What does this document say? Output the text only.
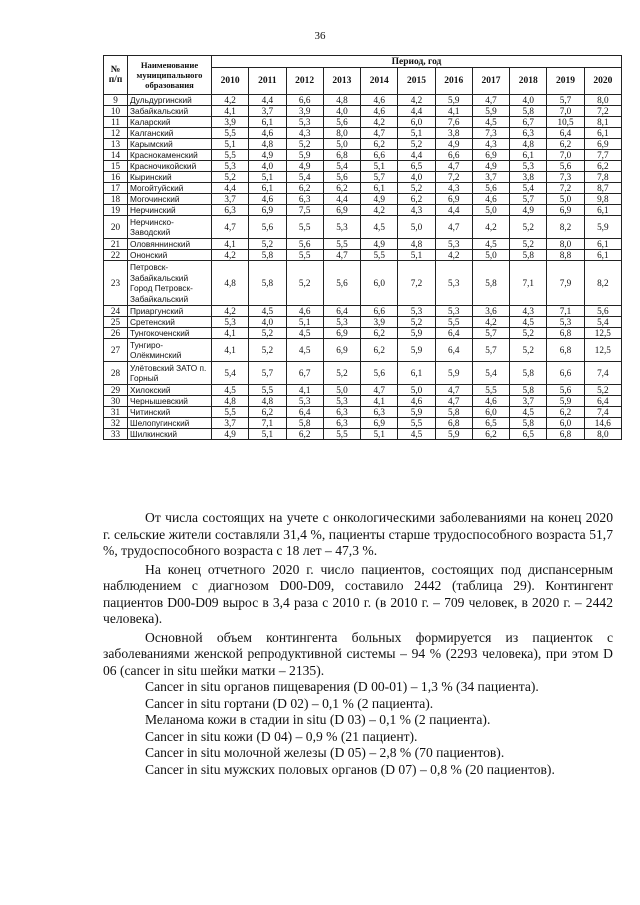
36
№ п/п	Наименование муниципального образования	Период, год										
		2010	2011	2012	2013	2014	2015	2016	2017	2018	2019	2020
9	Дульдургинский	4,2	4,4	6,6	4,8	4,6	4,2	5,9	4,7	4,0	5,7	8,0
10	Забайкальский	4,1	3,7	3,9	4,0	4,6	4,4	4,1	5,9	5,8	7,0	7,2
11	Каларский	3,9	6,1	5,3	5,6	4,2	6,0	7,6	4,5	6,7	10,5	8,1
12	Калганский	5,5	4,6	4,3	8,0	4,7	5,1	3,8	7,3	6,3	6,4	6,1
13	Карымский	5,1	4,8	5,2	5,0	6,2	5,2	4,9	4,3	4,8	6,2	6,9
14	Краснокаменский	5,5	4,9	5,9	6,8	6,6	4,4	6,6	6,9	6,1	7,0	7,7
15	Красночикойский	5,3	4,0	4,9	5,4	5,1	6,5	4,7	4,9	5,3	5,6	6,2
16	Кыринский	5,2	5,1	5,4	5,6	5,7	4,0	7,2	3,7	3,8	7,3	7,8
17	Могойтуйский	4,4	6,1	6,2	6,2	6,1	5,2	4,3	5,6	5,4	7,2	8,7
18	Могочинский	3,7	4,6	6,3	4,4	4,9	6,2	6,9	4,6	5,7	5,0	9,8
19	Нерчинский	6,3	6,9	7,5	6,9	4,2	4,3	4,4	5,0	4,9	6,9	6,1
20	Нерчинско-Заводский	4,7	5,6	5,5	5,3	4,5	5,0	4,7	4,2	5,2	8,2	5,9
21	Оловяннинский	4,1	5,2	5,6	5,5	4,9	4,8	5,3	4,5	5,2	8,0	6,1
22	Ононский	4,2	5,8	5,5	4,7	5,5	5,1	4,2	5,0	5,8	8,8	6,1
23	Петровск-Забайкальский Город Петровск-Забайкальский	4,8	5,8	5,2	5,6	6,0	7,2	5,3	5,8	7,1	7,9	8,2
24	Приаргунский	4,2	4,5	4,6	6,4	6,6	5,3	5,3	3,6	4,3	7,1	5,6
25	Сретенский	5,3	4,0	5,1	5,3	3,9	5,2	5,5	4,2	4,5	5,3	5,4
26	Тунгокоченский	4,1	5,2	4,5	6,9	6,2	5,9	6,4	5,7	5,2	6,8	12,5
27	Тунгиро-Олёкминский	4,1	5,2	4,5	6,9	6,2	5,9	6,4	5,7	5,2	6,8	12,5
28	Улётовский ЗАТО п. Горный	5,4	5,7	6,7	5,2	5,6	6,1	5,9	5,4	5,8	6,6	7,4
29	Хилокский	4,5	5,5	4,1	5,0	4,7	5,0	4,7	5,5	5,8	5,6	5,2
30	Чернышевский	4,8	4,8	5,3	5,3	4,1	4,6	4,7	4,6	3,7	5,9	6,4
31	Читинский	5,5	6,2	6,4	6,3	6,3	5,9	5,8	6,0	4,5	6,2	7,4
32	Шелопугинский	3,7	7,1	5,8	6,3	6,9	5,5	6,8	6,5	5,8	6,0	14,6
33	Шилкинский	4,9	5,1	6,2	5,5	5,1	4,5	5,9	6,2	6,5	6,8	8,0

От числа состоящих на учете с онкологическими заболеваниями на конец 2020 г. сельские жители составляли 31,4 %, пациенты старше трудоспособного возраста 51,7 %, трудоспособного возраста с 18 лет – 47,3 %.

На конец отчетного 2020 г. число пациентов, состоящих под диспансерным наблюдением с диагнозом D00-D09, составило 2442 (таблица 29). Контингент пациентов D00-D09 вырос в 3,4 раза с 2010 г. (в 2010 г. – 709 человек, в 2020 г. – 2442 человека).

Основной объем контингента больных формируется из пациенток с заболеваниями женской репродуктивной системы – 94 % (2293 человека), при этом D 06 (cancer in situ шейки матки – 2135).

Cancer in situ органов пищеварения (D 00-01) – 1,3 % (34 пациента).

Cancer in situ гортани (D 02) – 0,1 % (2 пациента).

Меланома кожи в стадии in situ (D 03) – 0,1 % (2 пациента).

Cancer in situ кожи (D 04) – 0,9 % (21 пациент).

Cancer in situ молочной железы (D 05) – 2,8 % (70 пациентов).

Cancer in situ мужских половых органов (D 07) – 0,8 % (20 пациентов).
